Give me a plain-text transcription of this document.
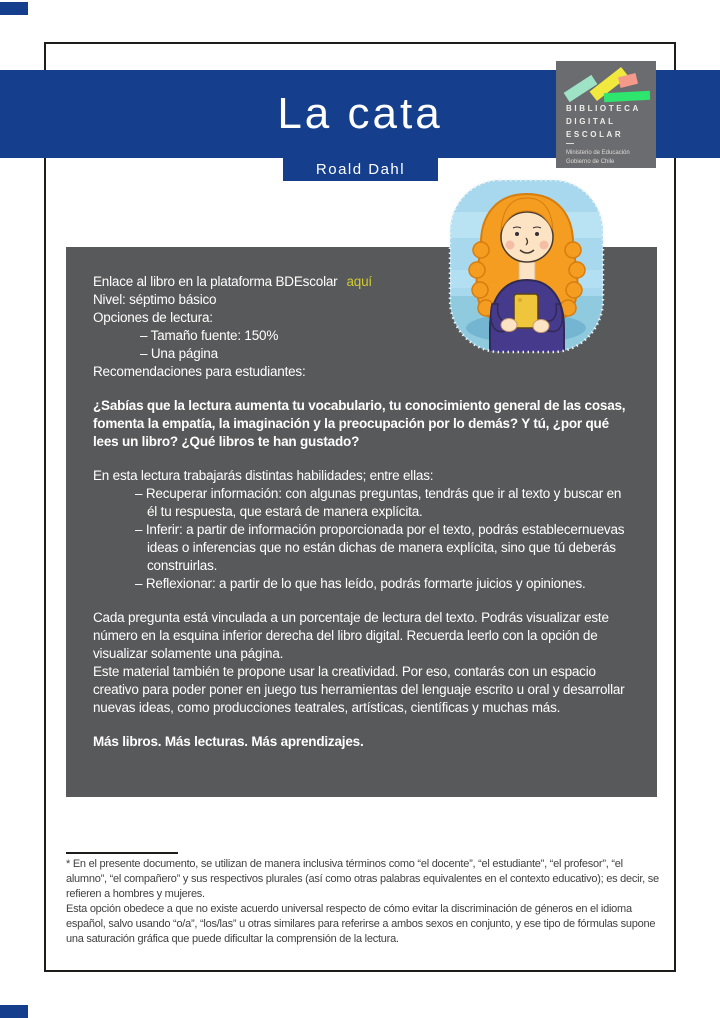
La cata
Roald Dahl
BIBLIOTECA
DIGITAL
ESCOLAR
—
Ministerio de Educación
Gobierno de Chile

Enlace al libro en la plataforma BDEscolar aquí

Nivel: séptimo básico

Opciones de lectura:

– Tamaño fuente: 150%

– Una página

Recomendaciones para estudiantes:

¿Sabías que la lectura aumenta tu vocabulario, tu conocimiento general de las cosas, fomenta la empatía, la imaginación y la preocupación por lo demás? Y tú, ¿por qué lees un libro? ¿Qué libros te han gustado?

En esta lectura trabajarás distintas habilidades; entre ellas:

– Recuperar información: con algunas preguntas, tendrás que ir al texto y buscar en él tu respuesta, que estará de manera explícita.

– Inferir: a partir de información proporcionada por el texto, podrás establecernuevas ideas o inferencias que no están dichas de manera explícita, sino que tú deberás construirlas.

– Reflexionar: a partir de lo que has leído, podrás formarte juicios y opiniones.

Cada pregunta está vinculada a un porcentaje de lectura del texto. Podrás visualizar este número en la esquina inferior derecha del libro digital. Recuerda leerlo con la opción de visualizar solamente una página.

Este material también te propone usar la creatividad. Por eso, contarás con un espacio creativo para poder poner en juego tus herramientas del lenguaje escrito u oral y desarrollar nuevas ideas, como producciones teatrales, artísticas, científicas y muchas más.

Más libros. Más lecturas. Más aprendizajes.

* En el presente documento, se utilizan de manera inclusiva términos como “el docente”, “el estudiante”, “el profesor”, “el alumno”, “el compañero” y sus respectivos plurales (así como otras palabras equivalentes en el contexto educativo); es decir, se refieren a hombres y mujeres.

Esta opción obedece a que no existe acuerdo universal respecto de cómo evitar la discriminación de géneros en el idioma español, salvo usando “o/a”, “los/las” u otras similares para referirse a ambos sexos en conjunto, y ese tipo de fórmulas supone una saturación gráfica que puede dificultar la comprensión de la lectura.
